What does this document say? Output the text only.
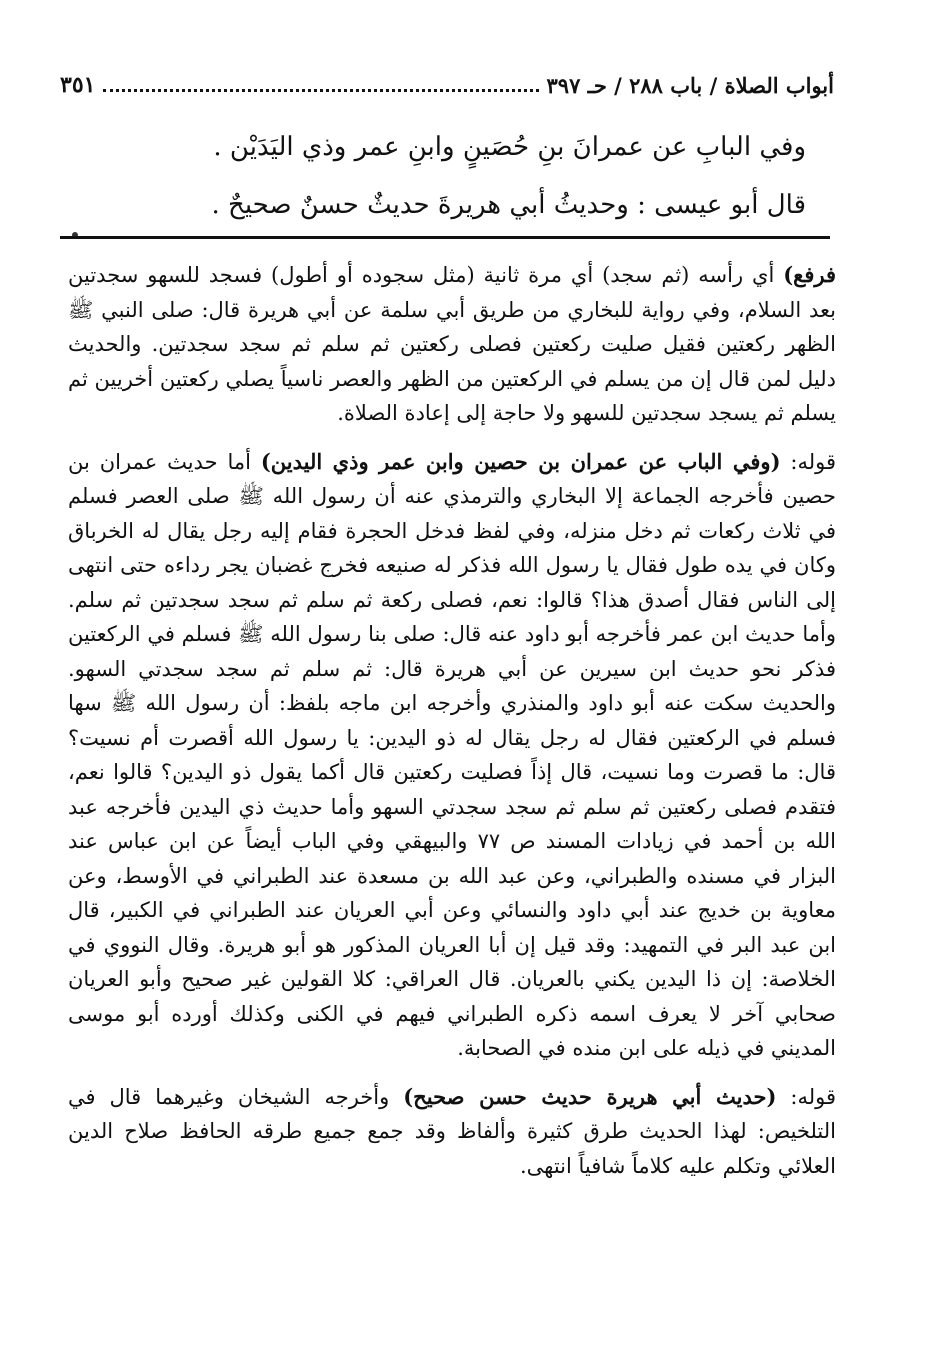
أبواب الصلاة / باب ٢٨٨ / حـ ٣٩٧
٣٥١
وفي البابِ عن عمرانَ بنِ حُصَينٍ وابنِ عمر وذي اليَدَيْن .
قال أبو عيسى : وحديثُ أبي هريرةَ حديثٌ حسنٌ صحيحٌ .

فرفع) أي رأسه (ثم سجد) أي مرة ثانية (مثل سجوده أو أطول) فسجد للسهو سجدتين بعد السلام، وفي رواية للبخاري من طريق أبي سلمة عن أبي هريرة قال: صلى النبي ﷺ الظهر ركعتين فقيل صليت ركعتين فصلى ركعتين ثم سلم ثم سجد سجدتين. والحديث دليل لمن قال إن من يسلم في الركعتين من الظهر والعصر ناسياً يصلي ركعتين أخريين ثم يسلم ثم يسجد سجدتين للسهو ولا حاجة إلى إعادة الصلاة.

قوله: (وفي الباب عن عمران بن حصين وابن عمر وذي اليدين) أما حديث عمران بن حصين فأخرجه الجماعة إلا البخاري والترمذي عنه أن رسول الله ﷺ صلى العصر فسلم في ثلاث ركعات ثم دخل منزله، وفي لفظ فدخل الحجرة فقام إليه رجل يقال له الخرباق وكان في يده طول فقال يا رسول الله فذكر له صنيعه فخرج غضبان يجر رداءه حتى انتهى إلى الناس فقال أصدق هذا؟ قالوا: نعم، فصلى ركعة ثم سلم ثم سجد سجدتين ثم سلم. وأما حديث ابن عمر فأخرجه أبو داود عنه قال: صلى بنا رسول الله ﷺ فسلم في الركعتين فذكر نحو حديث ابن سيرين عن أبي هريرة قال: ثم سلم ثم سجد سجدتي السهو. والحديث سكت عنه أبو داود والمنذري وأخرجه ابن ماجه بلفظ: أن رسول الله ﷺ سها فسلم في الركعتين فقال له رجل يقال له ذو اليدين: يا رسول الله أقصرت أم نسيت؟ قال: ما قصرت وما نسيت، قال إذاً فصليت ركعتين قال أكما يقول ذو اليدين؟ قالوا نعم، فتقدم فصلى ركعتين ثم سلم ثم سجد سجدتي السهو وأما حديث ذي اليدين فأخرجه عبد الله بن أحمد في زيادات المسند ص ٧٧ والبيهقي وفي الباب أيضاً عن ابن عباس عند البزار في مسنده والطبراني، وعن عبد الله بن مسعدة عند الطبراني في الأوسط، وعن معاوية بن خديج عند أبي داود والنسائي وعن أبي العريان عند الطبراني في الكبير، قال ابن عبد البر في التمهيد: وقد قيل إن أبا العريان المذكور هو أبو هريرة. وقال النووي في الخلاصة: إن ذا اليدين يكني بالعريان. قال العراقي: كلا القولين غير صحيح وأبو العريان صحابي آخر لا يعرف اسمه ذكره الطبراني فيهم في الكنى وكذلك أورده أبو موسى المديني في ذيله على ابن منده في الصحابة.

قوله: (حديث أبي هريرة حديث حسن صحيح) وأخرجه الشيخان وغيرهما قال في التلخيص: لهذا الحديث طرق كثيرة وألفاظ وقد جمع جميع طرقه الحافظ صلاح الدين العلائي وتكلم عليه كلاماً شافياً انتهى.
